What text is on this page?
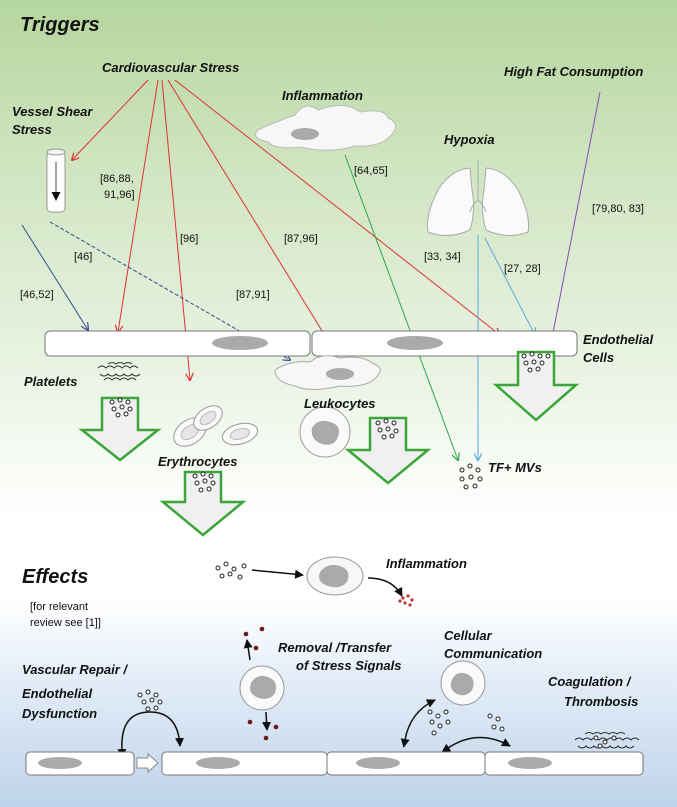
Triggers
Effects
Cardiovascular Stress	High Fat Consumption
Vessel Shear
Stress
Inflammation
Hypoxia
Endothelial
Cells
Platelets
Leukocytes
Erythrocytes	TF+ MVs
Inflammation
Removal /Transfer
of Stress Signals
Cellular
Communication
Vascular Repair /
Endothelial
Dysfunction
Coagulation /
Thrombosis
[for relevant
review see [1]]
[86,88,
91,96]
[96]	[87,96]
[64,65]
[33, 34]
[27, 28]
[79,80, 83]
[46]
[46,52]	[87,91]
